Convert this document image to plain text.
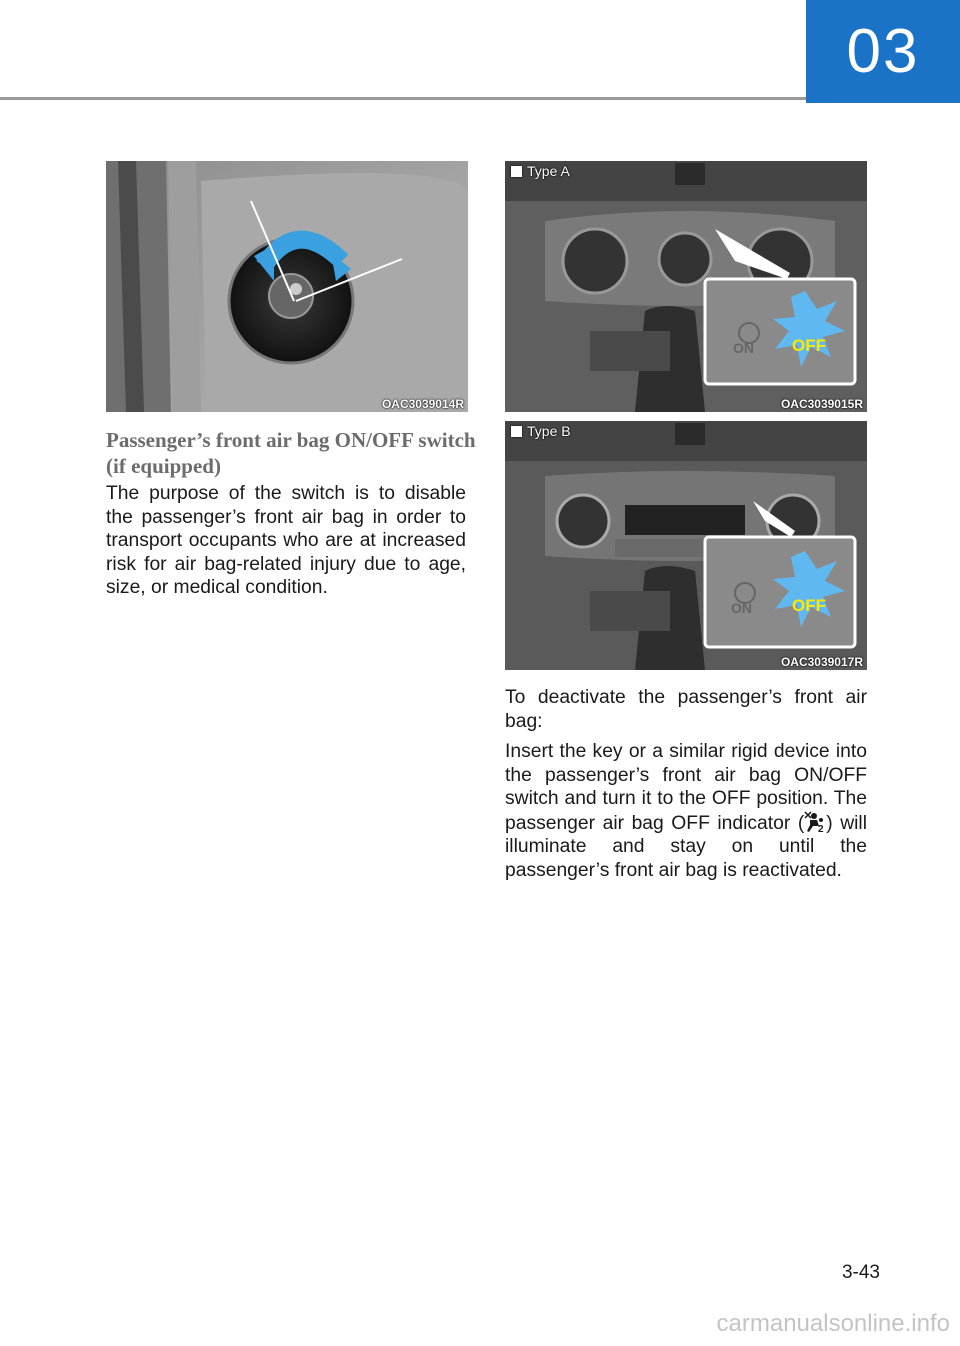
03
OAC3039014R
ON OFF
Type A
OAC3039015R
ON OFF
Type B
OAC3039017R
Passenger’s front air bag ON/OFF switch (if equipped)

The purpose of the switch is to disable the passenger’s front air bag in order to transport occupants who are at increased risk for air bag-related injury due to age, size, or medical condition.

To deactivate the passenger’s front air bag:

Insert the key or a similar rigid device into the passenger’s front air bag ON/OFF switch and turn it to the OFF position. The passenger air bag OFF indicator ( 2 ) will illuminate and stay on until the passenger’s front air bag is reactivated.

3-43
carmanualsonline.info
